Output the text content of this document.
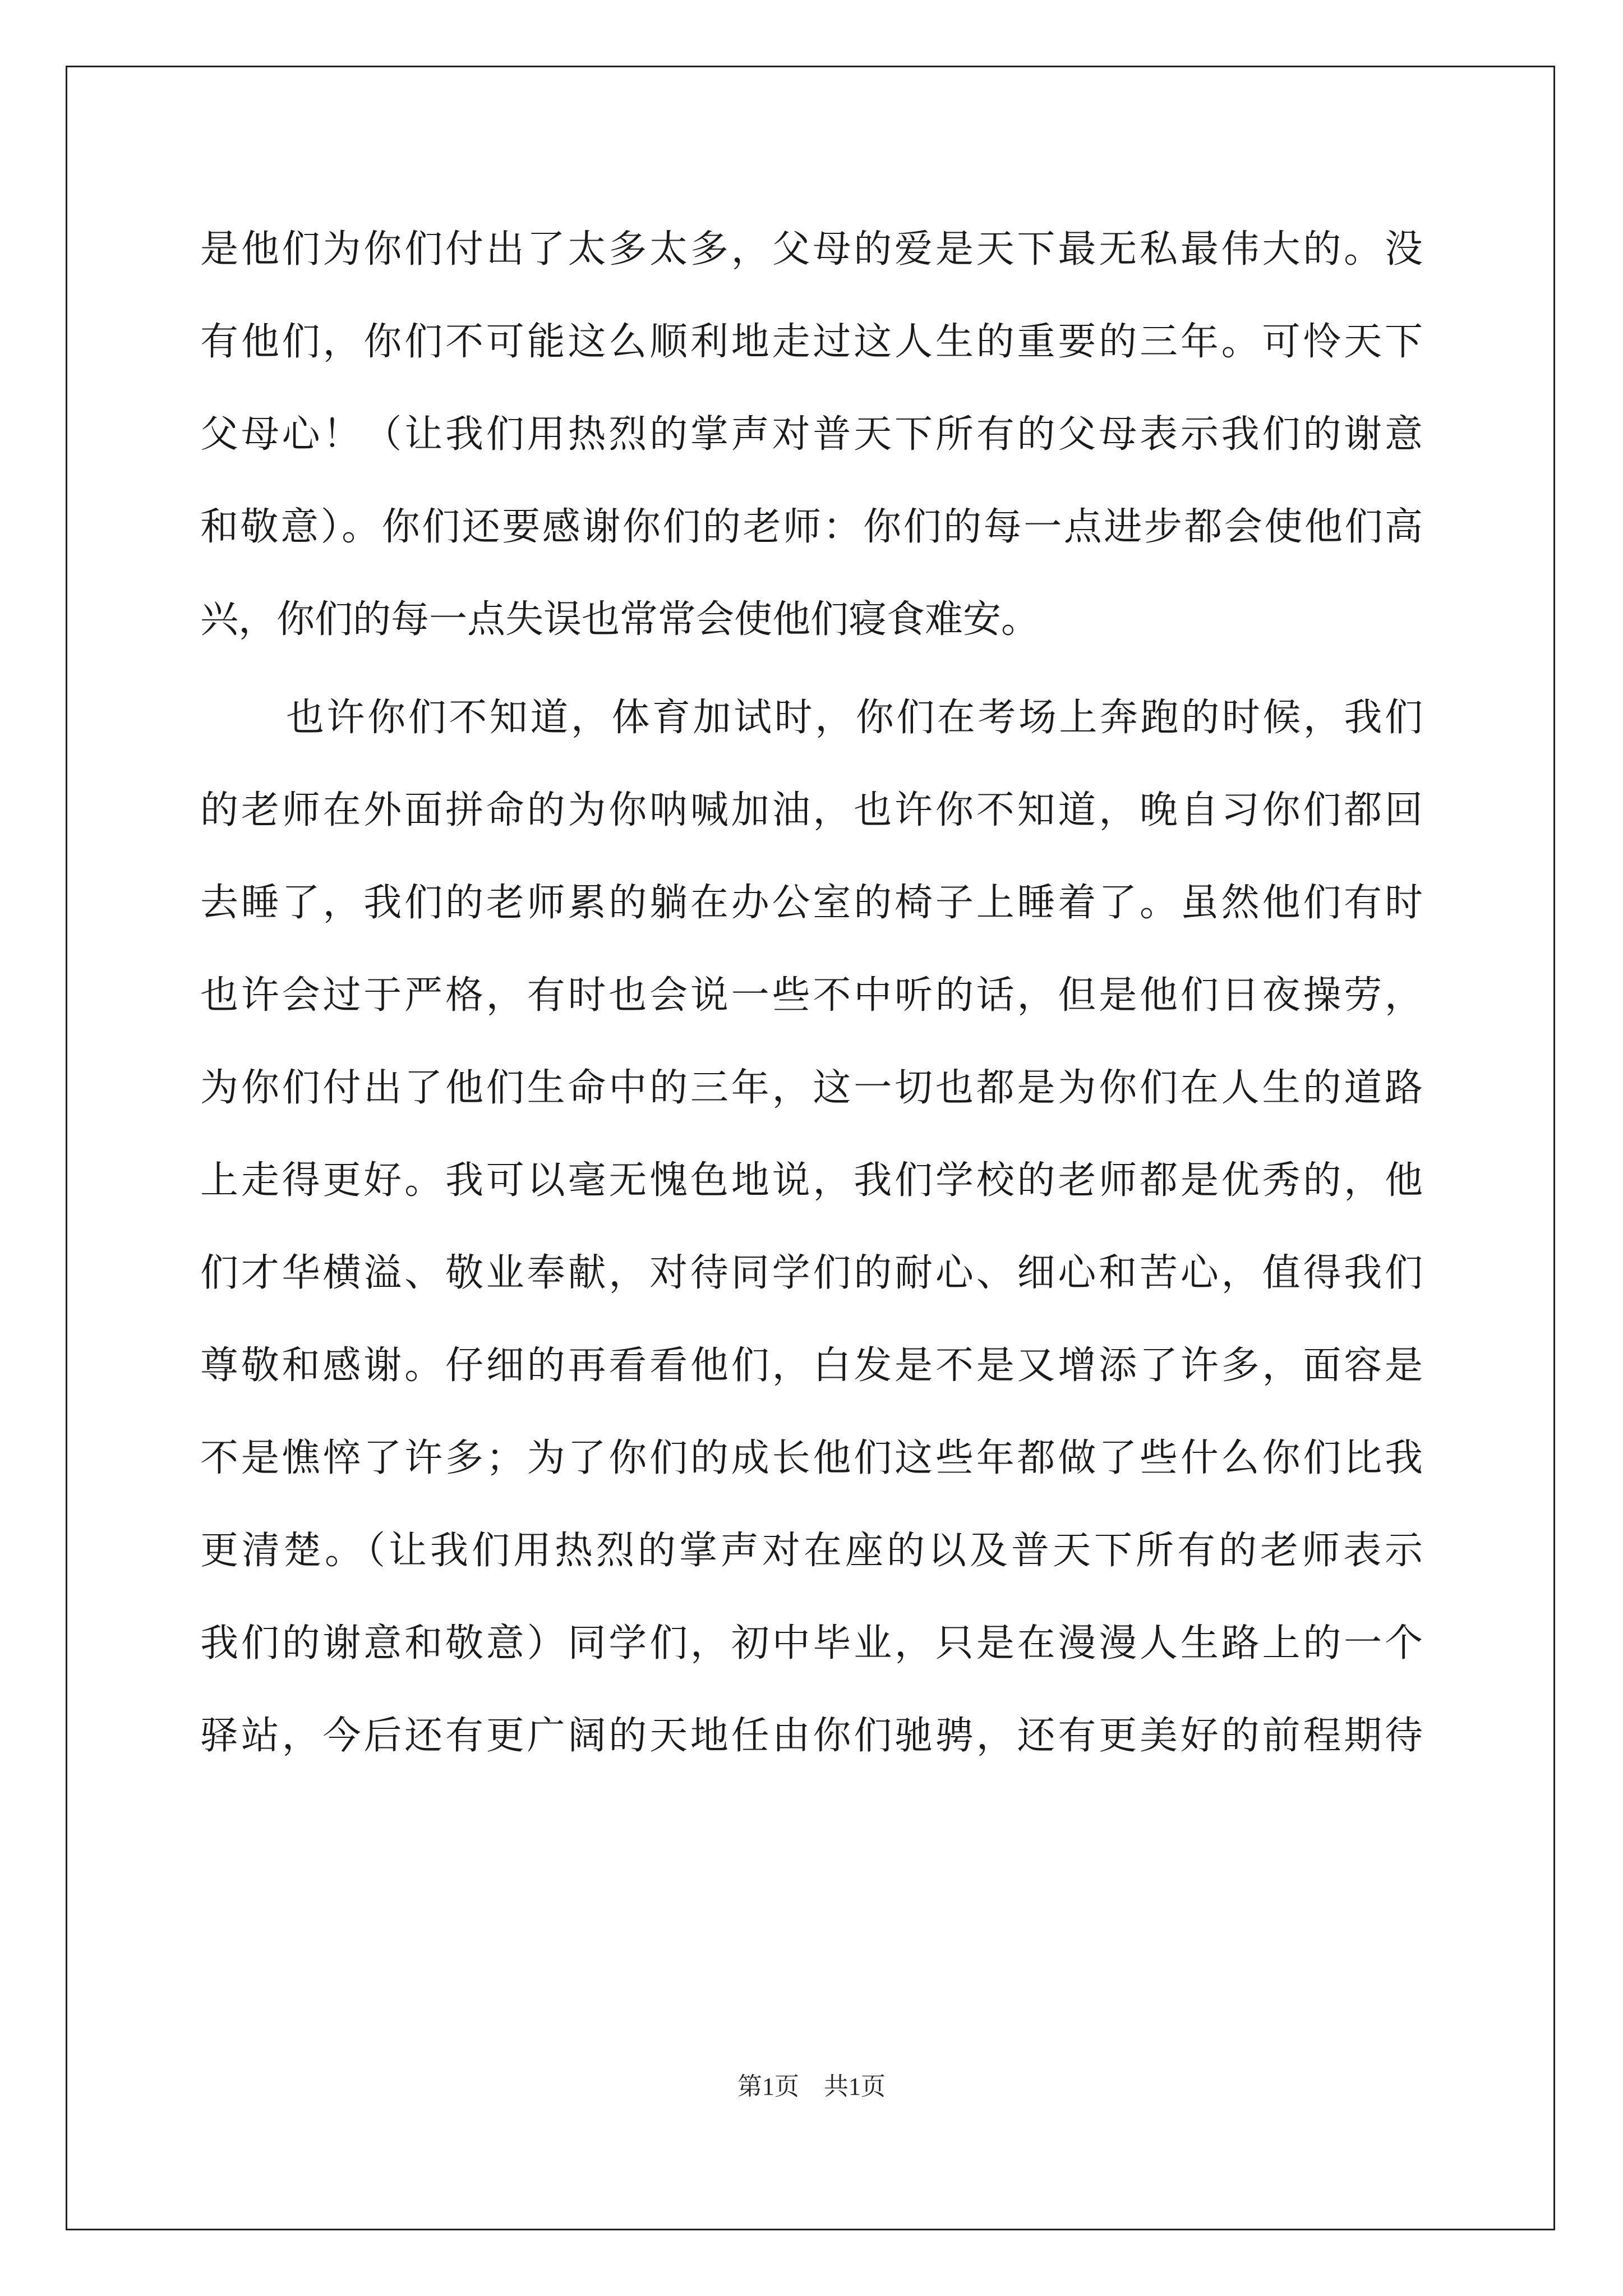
是他们为你们付出了太多太多，父母的爱是天下最无私最伟大的。没
有他们，你们不可能这么顺利地走过这人生的重要的三年。可怜天下
父母心！（让我们用热烈的掌声对普天下所有的父母表示我们的谢意
和敬意）。你们还要感谢你们的老师：你们的每一点进步都会使他们高
兴，你们的每一点失误也常常会使他们寝食难安。
也许你们不知道，体育加试时，你们在考场上奔跑的时候，我们
的老师在外面拼命的为你呐喊加油，也许你不知道，晚自习你们都回
去睡了，我们的老师累的躺在办公室的椅子上睡着了。虽然他们有时
也许会过于严格，有时也会说一些不中听的话，但是他们日夜操劳，
为你们付出了他们生命中的三年，这一切也都是为你们在人生的道路
上走得更好。我可以毫无愧色地说，我们学校的老师都是优秀的，他
们才华横溢、敬业奉献，对待同学们的耐心、细心和苦心，值得我们
尊敬和感谢。仔细的再看看他们，白发是不是又增添了许多，面容是
不是憔悴了许多；为了你们的成长他们这些年都做了些什么你们比我
更清楚。（让我们用热烈的掌声对在座的以及普天下所有的老师表示
我们的谢意和敬意）同学们，初中毕业，只是在漫漫人生路上的一个
驿站，今后还有更广阔的天地任由你们驰骋，还有更美好的前程期待
第1页　共1页
